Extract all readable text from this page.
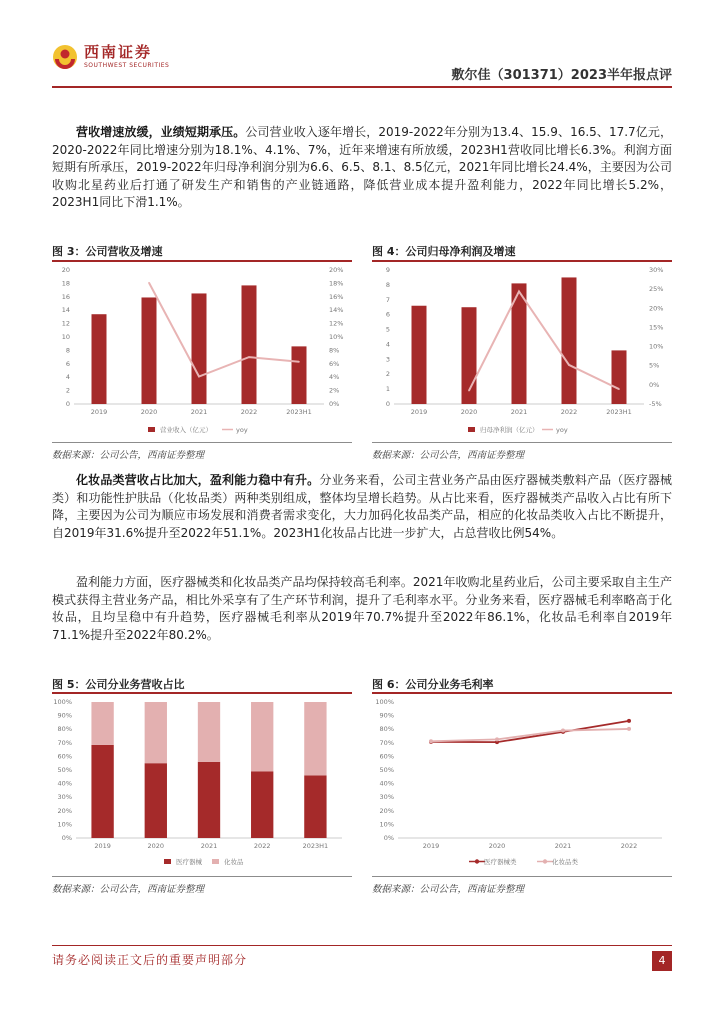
西南证券
SOUTHWEST SECURITIES
敷尔佳（301371）2023半年报点评
营收增速放缓，业绩短期承压。公司营业收入逐年增长，2019-2022年分别为13.4、15.9、16.5、17.7亿元，2020-2022年同比增速分别为18.1%、4.1%、7%，近年来增速有所放缓，2023H1营收同比增长6.3%。利润方面短期有所承压，2019-2022年归母净利润分别为6.6、6.5、8.1、8.5亿元，2021年同比增长24.4%，主要因为公司收购北星药业后打通了研发生产和销售的产业链通路，降低营业成本提升盈利能力，2022年同比增长5.2%，2023H1同比下滑1.1%。
图 3：公司营收及增速
0
2
4
6
8
10
12
14
16
18
20
0%
2%
4%
6%
8%
10%
12%
14%
16%
18%
20%
2019	2020	2021	2022	2023H1
营业收入（亿元）	yoy
数据来源：公司公告，西南证券整理
图 4：公司归母净利润及增速
0
1
2
3
4
5
6
7
8
9
-5%
0%
5%
10%
15%
20%
25%
30%
2019	2020	2021	2022	2023H1
归母净利润（亿元）	yoy
数据来源：公司公告，西南证券整理
化妆品类营收占比加大，盈利能力稳中有升。分业务来看，公司主营业务产品由医疗器械类敷料产品（医疗器械类）和功能性护肤品（化妆品类）两种类别组成，整体均呈增长趋势。从占比来看，医疗器械类产品收入占比有所下降，主要因为公司为顺应市场发展和消费者需求变化，大力加码化妆品类产品，相应的化妆品类收入占比不断提升，自2019年31.6%提升至2022年51.1%。2023H1化妆品占比进一步扩大，占总营收比例54%。
盈利能力方面，医疗器械类和化妆品类产品均保持较高毛利率。2021年收购北星药业后，公司主要采取自主生产模式获得主营业务产品，相比外采享有了生产环节利润，提升了毛利率水平。分业务来看，医疗器械毛利率略高于化妆品，且均呈稳中有升趋势，医疗器械毛利率从2019年70.7%提升至2022年86.1%，化妆品毛利率自2019年71.1%提升至2022年80.2%。
图 5：公司分业务营收占比
0%
10%
20%
30%
40%
50%
60%
70%
80%
90%
100%
2019	2020	2021	2022	2023H1
医疗器械	化妆品
数据来源：公司公告，西南证券整理
图 6：公司分业务毛利率
0%
10%
20%
30%
40%
50%
60%
70%
80%
90%
100%
2019	2020	2021	2022
医疗器械类	化妆品类
数据来源：公司公告，西南证券整理
请务必阅读正文后的重要声明部分	4
